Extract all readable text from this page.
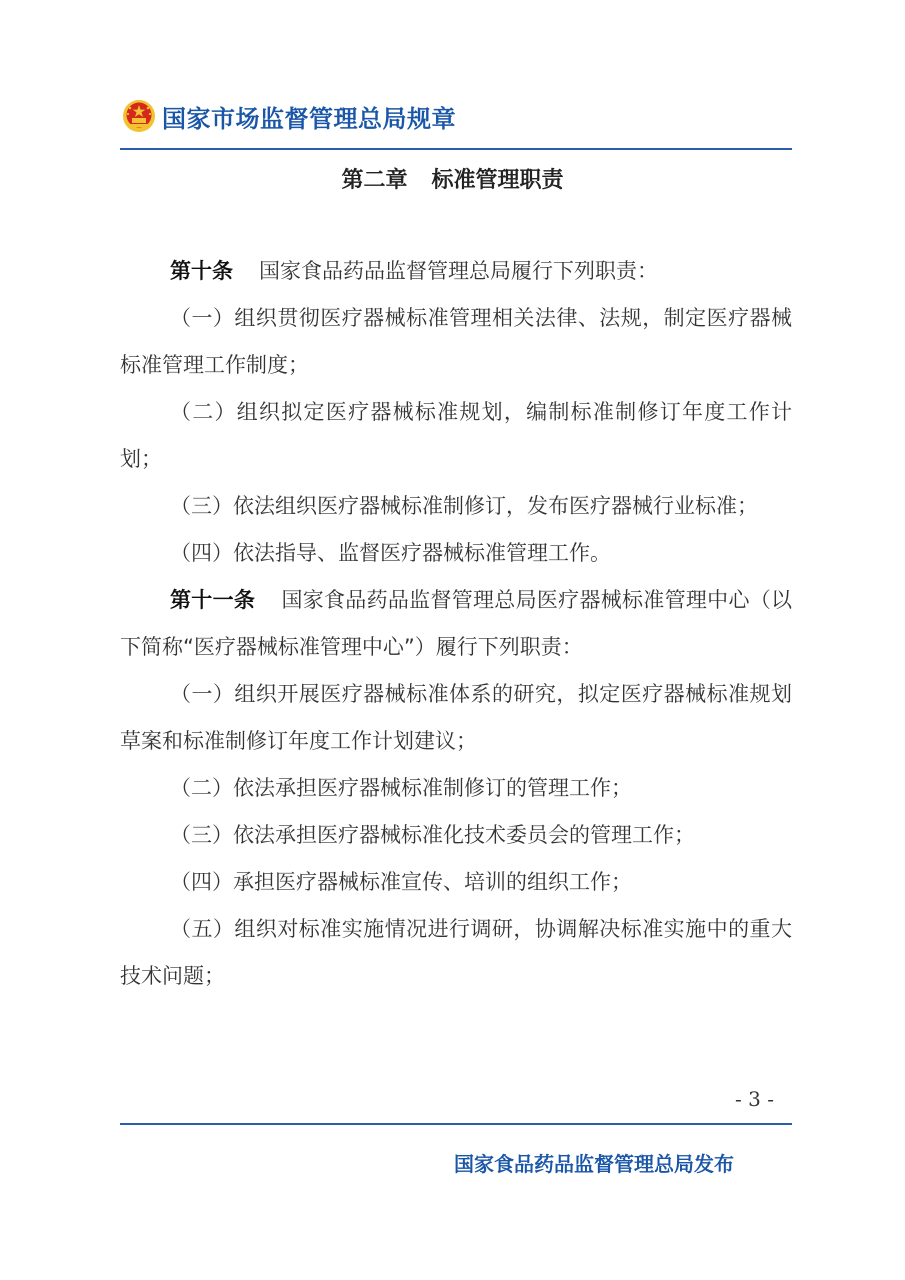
国家市场监督管理总局规章
第二章 标准管理职责

第十条 国家食品药品监督管理总局履行下列职责：

（一）组织贯彻医疗器械标准管理相关法律、法规，制定医疗器械标准管理工作制度；

（二）组织拟定医疗器械标准规划，编制标准制修订年度工作计划；

（三）依法组织医疗器械标准制修订，发布医疗器械行业标准；

（四）依法指导、监督医疗器械标准管理工作。

第十一条 国家食品药品监督管理总局医疗器械标准管理中心（以下简称“医疗器械标准管理中心”）履行下列职责：

（一）组织开展医疗器械标准体系的研究，拟定医疗器械标准规划草案和标准制修订年度工作计划建议；

（二）依法承担医疗器械标准制修订的管理工作；

（三）依法承担医疗器械标准化技术委员会的管理工作；

（四）承担医疗器械标准宣传、培训的组织工作；

（五）组织对标准实施情况进行调研，协调解决标准实施中的重大技术问题；

- 3 -
国家食品药品监督管理总局发布
